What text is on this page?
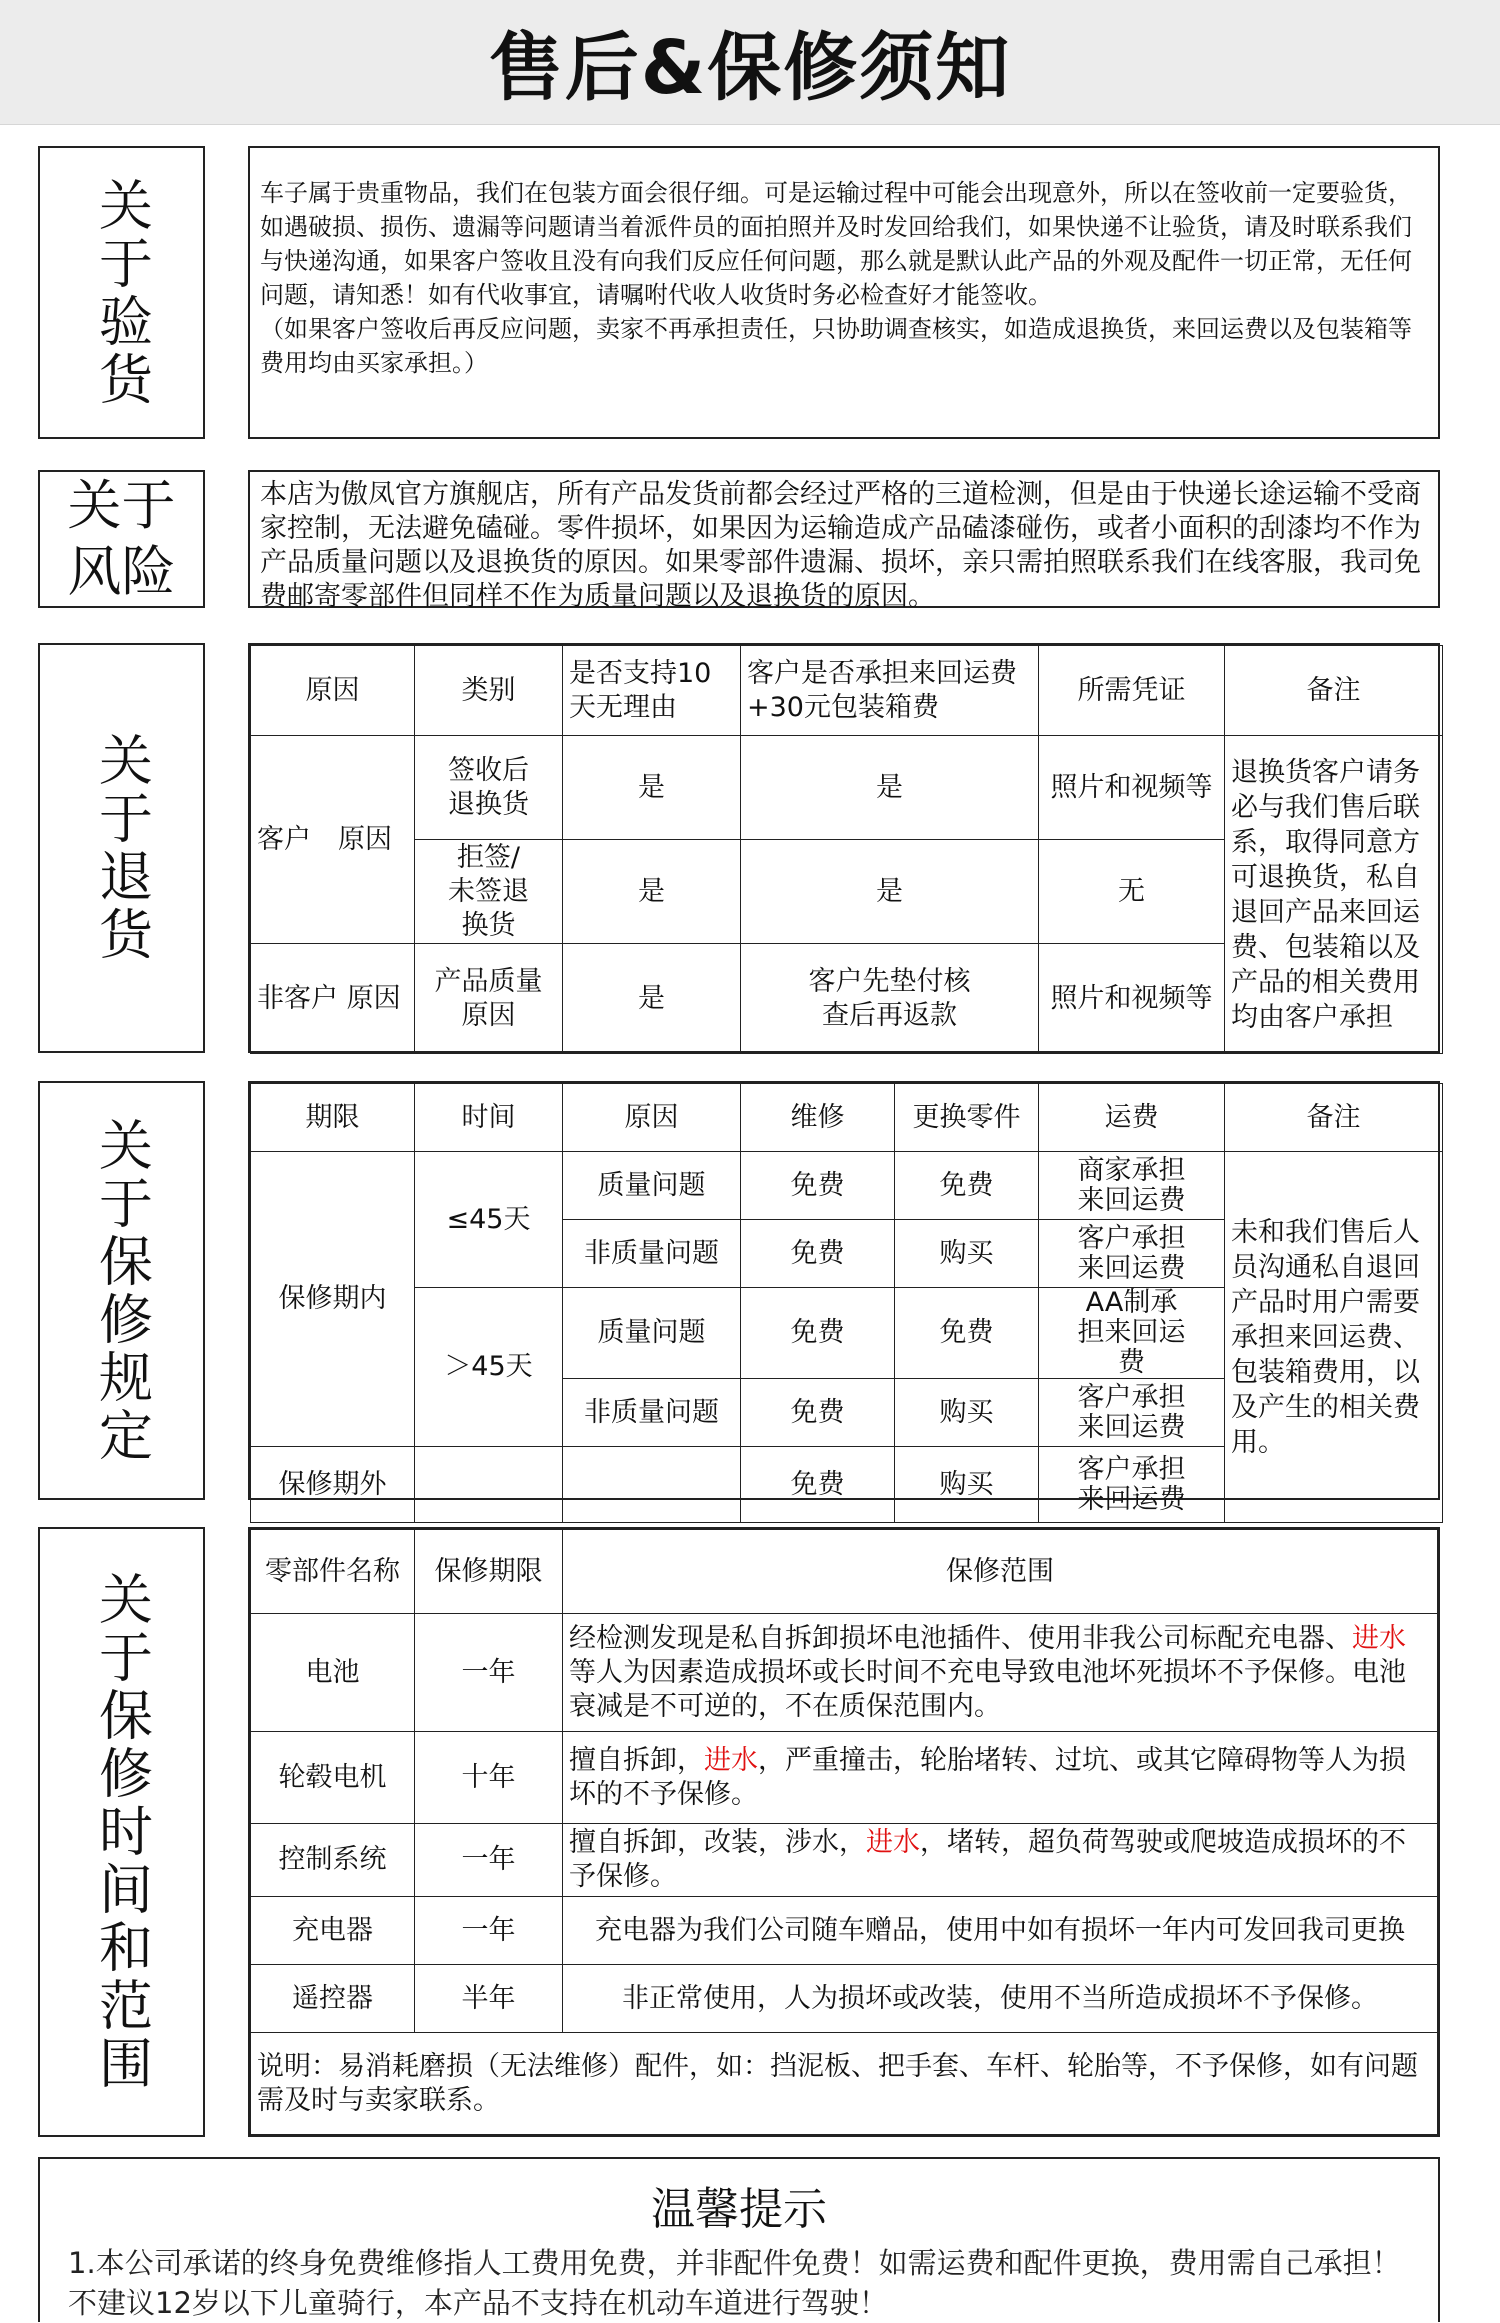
售后&保修须知
关于验货	车子属于贵重物品，我们在包装方面会很仔细。可是运输过程中可能会出现意外，所以在签收前一定要验货，如遇破损、损伤、遗漏等问题请当着派件员的面拍照并及时发回给我们，如果快递不让验货，请及时联系我们与快递沟通，如果客户签收且没有向我们反应任何问题，那么就是默认此产品的外观及配件一切正常，无任何问题，请知悉！如有代收事宜，请嘱咐代收人收货时务必检查好才能签收。
（如果客户签收后再反应问题，卖家不再承担责任，只协助调查核实，如造成退换货，来回运费以及包装箱等费用均由买家承担。）
关于风险
本店为傲凤官方旗舰店，所有产品发货前都会经过严格的三道检测，但是由于快递长途运输不受商家控制，无法避免磕碰。零件损坏，如果因为运输造成产品磕漆碰伤，或者小面积的刮漆均不作为产品质量问题以及退换货的原因。如果零部件遗漏、损坏，亲只需拍照联系我们在线客服，我司免费邮寄零部件但同样不作为质量问题以及退换货的原因。
关于退货
原因	类别	是否支持10天无理由	客户是否承担来回运费+30元包装箱费	所需凭证	备注
客户　原因	签收后退换货	是	是	照片和视频等	退换货客户请务必与我们售后联系，取得同意方可退换货，私自退回产品来回运费、包装箱以及产品的相关费用均由客户承担
	拒签/未签退换货	是	是	无	
非客户 原因	产品质量原因	是	客户先垫付核查后再返款	照片和视频等	
关于保修规定	期限	时间	原因	维修	更换零件	运费	备注
保修期内	≤45天	质量问题	免费	免费	商家承担来回运费	未和我们售后人员沟通私自退回产品时用户需要承担来回运费、包装箱费用，以及产生的相关费用。
		非质量问题	免费	购买	客户承担来回运费	
	＞45天	质量问题	免费	免费	AA制承担来回运费	
		非质量问题	免费	购买	客户承担来回运费	
保修期外			免费	购买	客户承担来回运费	
关于保修时间和范围	零部件名称	保修期限	保修范围
电池	一年	经检测发现是私自拆卸损坏电池插件、使用非我公司标配充电器、进水等人为因素造成损坏或长时间不充电导致电池坏死损坏不予保修。电池衰减是不可逆的，不在质保范围内。
轮毂电机	十年	擅自拆卸，进水，严重撞击，轮胎堵转、过坑、或其它障碍物等人为损坏的不予保修。
控制系统	一年	擅自拆卸，改装，涉水，进水，堵转，超负荷驾驶或爬坡造成损坏的不予保修。
充电器	一年	充电器为我们公司随车赠品，使用中如有损坏一年内可发回我司更换
遥控器	半年	非正常使用，人为损坏或改装，使用不当所造成损坏不予保修。
说明：易消耗磨损（无法维修）配件，如：挡泥板、把手套、车杆、轮胎等，不予保修，如有问题需及时与卖家联系。		
温馨提示
1.本公司承诺的终身免费维修指人工费用免费，并非配件免费！如需运费和配件更换，费用需自己承担！不建议12岁以下儿童骑行，本产品不支持在机动车道进行驾驶！
